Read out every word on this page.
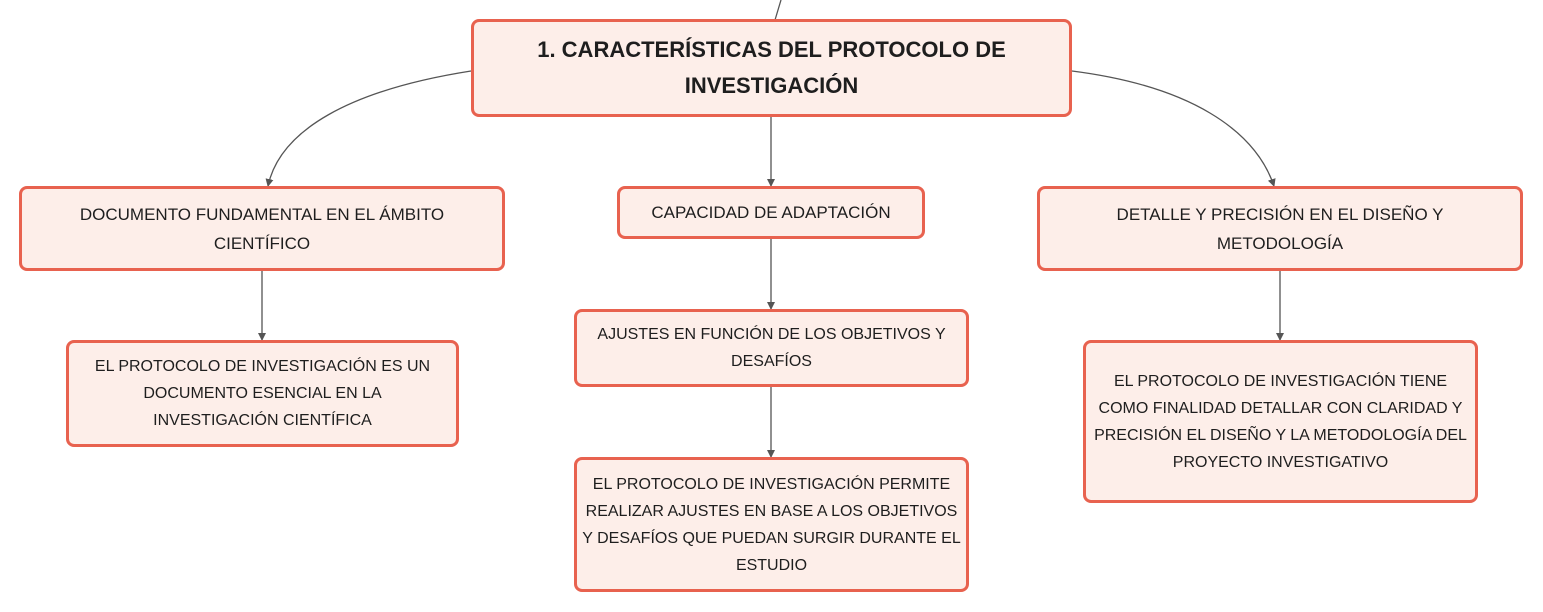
1. CARACTERÍSTICAS DEL PROTOCOLO DE INVESTIGACIÓN
DOCUMENTO FUNDAMENTAL EN EL ÁMBITO CIENTÍFICO
EL PROTOCOLO DE INVESTIGACIÓN ES UN DOCUMENTO ESENCIAL EN LA INVESTIGACIÓN CIENTÍFICA
CAPACIDAD DE ADAPTACIÓN
AJUSTES EN FUNCIÓN DE LOS OBJETIVOS Y DESAFÍOS
EL PROTOCOLO DE INVESTIGACIÓN PERMITE REALIZAR AJUSTES EN BASE A LOS OBJETIVOS Y DESAFÍOS QUE PUEDAN SURGIR DURANTE EL ESTUDIO
DETALLE Y PRECISIÓN EN EL DISEÑO Y METODOLOGÍA
EL PROTOCOLO DE INVESTIGACIÓN TIENE COMO FINALIDAD DETALLAR CON CLARIDAD Y PRECISIÓN EL DISEÑO Y LA METODOLOGÍA DEL PROYECTO INVESTIGATIVO
